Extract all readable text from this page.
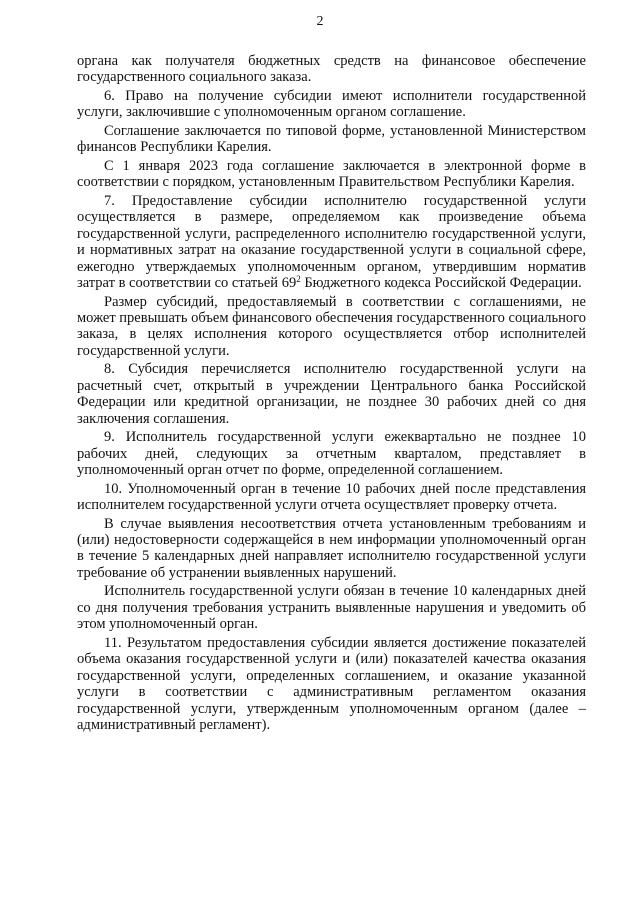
2

органа как получателя бюджетных средств на финансовое обеспечение государственного социального заказа.

6. Право на получение субсидии имеют исполнители государственной услуги, заключившие с уполномоченным органом соглашение.

Соглашение заключается по типовой форме, установленной Министерством финансов Республики Карелия.

С 1 января 2023 года соглашение заключается в электронной форме в соответствии с порядком, установленным Правительством Республики Карелия.

7. Предоставление субсидии исполнителю государственной услуги осуществляется в размере, определяемом как произведение объема государственной услуги, распределенного исполнителю государственной услуги, и нормативных затрат на оказание государственной услуги в социальной сфере, ежегодно утверждаемых уполномоченным органом, утвердившим норматив затрат в соответствии со статьей $69^2$ Бюджетного кодекса Российской Федерации.

Размер субсидий, предоставляемый в соответствии с соглашениями, не может превышать объем финансового обеспечения государственного социального заказа, в целях исполнения которого осуществляется отбор исполнителей государственной услуги.

8. Субсидия перечисляется исполнителю государственной услуги на расчетный счет, открытый в учреждении Центрального банка Российской Федерации или кредитной организации, не позднее 30 рабочих дней со дня заключения соглашения.

9. Исполнитель государственной услуги ежеквартально не позднее 10 рабочих дней, следующих за отчетным кварталом, представляет в уполномоченный орган отчет по форме, определенной соглашением.

10. Уполномоченный орган в течение 10 рабочих дней после представления исполнителем государственной услуги отчета осуществляет проверку отчета.

В случае выявления несоответствия отчета установленным требованиям и (или) недостоверности содержащейся в нем информации уполномоченный орган в течение 5 календарных дней направляет исполнителю государственной услуги требование об устранении выявленных нарушений.

Исполнитель государственной услуги обязан в течение 10 календарных дней со дня получения требования устранить выявленные нарушения и уведомить об этом уполномоченный орган.

11. Результатом предоставления субсидии является достижение показателей объема оказания государственной услуги и (или) показателей качества оказания государственной услуги, определенных соглашением, и оказание указанной услуги в соответствии с административным регламентом оказания государственной услуги, утвержденным уполномоченным органом (далее – административный регламент).
